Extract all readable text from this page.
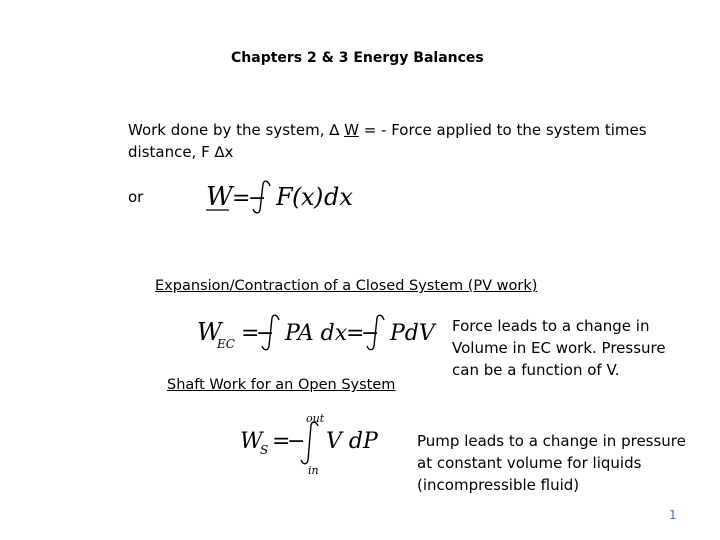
Chapters 2 & 3 Energy Balances
Work done by the system, ∆ W = - Force applied to the system times
distance, F ∆x
or W =
− F ( x ) dx
Expansion/Contraction of a Closed System (PV work)
W
EC =
− PA dx
=
− PdV Force leads to a change in Volume in EC work. Pressure can be a function of V.
Shaft Work for an Open System
W
S =
−
out
in
V dP	Pump leads to a change in pressure at constant volume for liquids (incompressible fluid)
1
